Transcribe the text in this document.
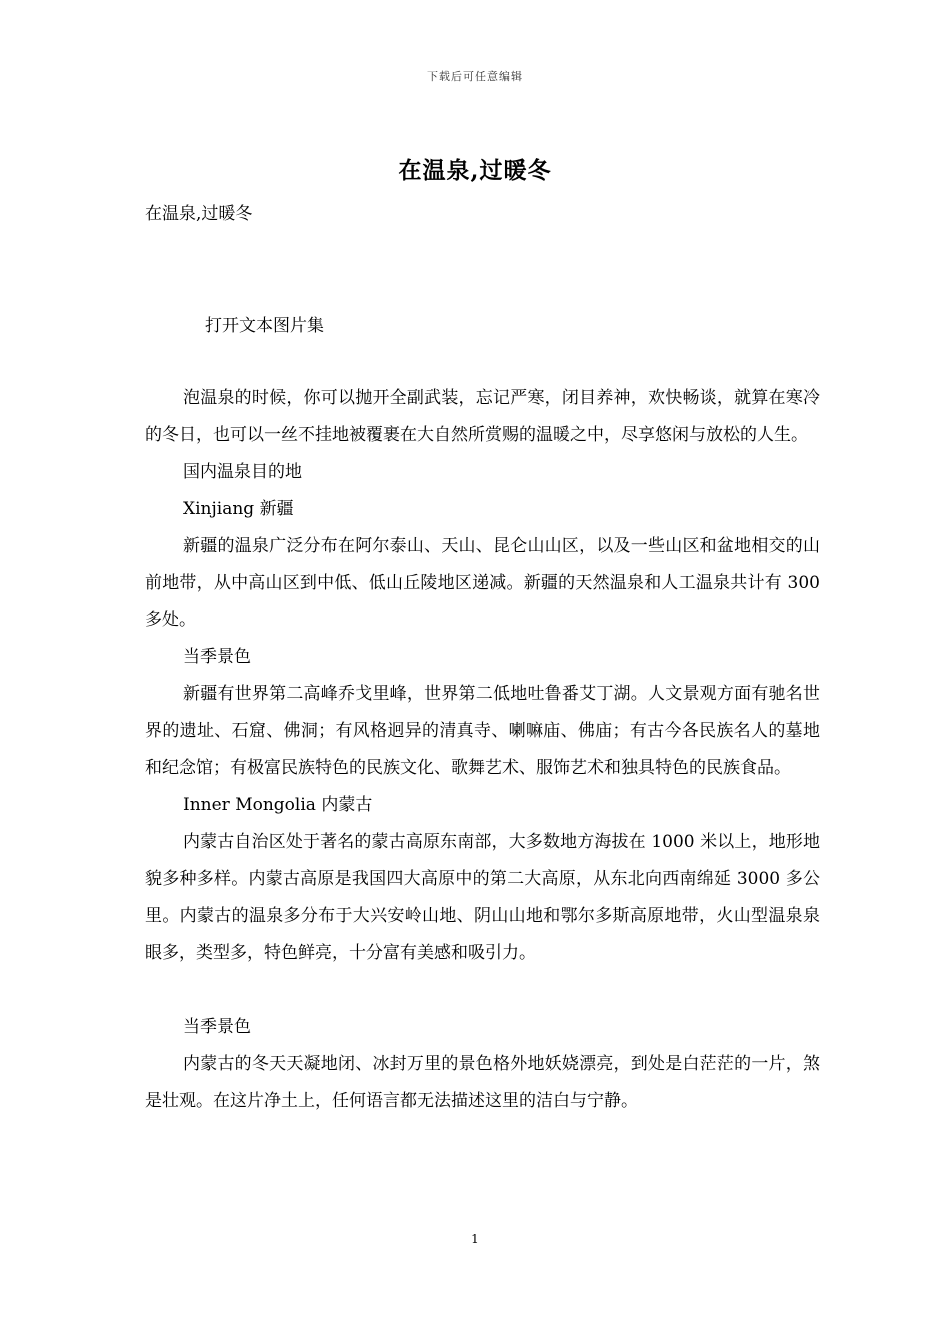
下载后可任意编辑
在温泉,过暖冬
在温泉,过暖冬
打开文本图片集

泡温泉的时候，你可以抛开全副武装，忘记严寒，闭目养神，欢快畅谈，就算在寒冷的冬日，也可以一丝不挂地被覆裹在大自然所赏赐的温暖之中，尽享悠闲与放松的人生。

国内温泉目的地

Xinjiang 新疆

新疆的温泉广泛分布在阿尔泰山、天山、昆仑山山区，以及一些山区和盆地相交的山前地带，从中高山区到中低、低山丘陵地区递减。新疆的天然温泉和人工温泉共计有 300 多处。

当季景色

新疆有世界第二高峰乔戈里峰，世界第二低地吐鲁番艾丁湖。人文景观方面有驰名世界的遗址、石窟、佛洞；有风格迥异的清真寺、喇嘛庙、佛庙；有古今各民族名人的墓地和纪念馆；有极富民族特色的民族文化、歌舞艺术、服饰艺术和独具特色的民族食品。

Inner Mongolia 内蒙古

内蒙古自治区处于著名的蒙古高原东南部，大多数地方海拔在 1000 米以上，地形地貌多种多样。内蒙古高原是我国四大高原中的第二大高原，从东北向西南绵延 3000 多公里。内蒙古的温泉多分布于大兴安岭山地、阴山山地和鄂尔多斯高原地带，火山型温泉泉眼多，类型多，特色鲜亮，十分富有美感和吸引力。

当季景色

内蒙古的冬天天凝地闭、冰封万里的景色格外地妖娆漂亮，到处是白茫茫的一片，煞是壮观。在这片净土上，任何语言都无法描述这里的洁白与宁静。

1
